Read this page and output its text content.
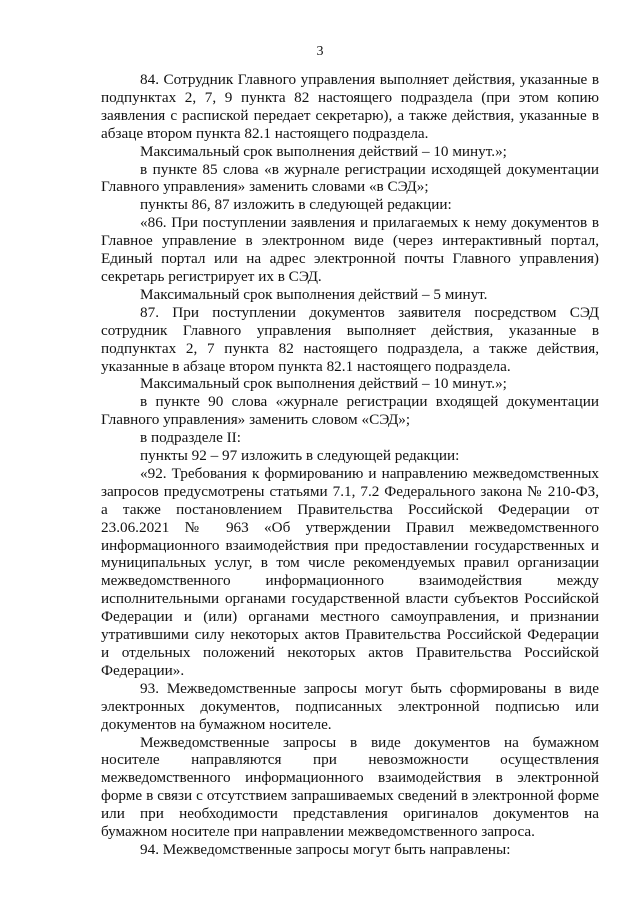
3

84. Сотрудник Главного управления выполняет действия, указанные в подпунктах 2, 7, 9 пункта 82 настоящего подраздела (при этом копию заявления с распиской передает секретарю), а также действия, указанные в абзаце втором пункта 82.1 настоящего подраздела.

Максимальный срок выполнения действий – 10 минут.»;

в пункте 85 слова «в журнале регистрации исходящей документации Главного управления» заменить словами «в СЭД»;

пункты 86, 87 изложить в следующей редакции:

«86. При поступлении заявления и прилагаемых к нему документов в Главное управление в электронном виде (через интерактивный портал, Единый портал или на адрес электронной почты Главного управления) секретарь регистрирует их в СЭД.

Максимальный срок выполнения действий – 5 минут.

87. При поступлении документов заявителя посредством СЭД сотрудник Главного управления выполняет действия, указанные в подпунктах 2, 7 пункта 82 настоящего подраздела, а также действия, указанные в абзаце втором пункта 82.1 настоящего подраздела.

Максимальный срок выполнения действий – 10 минут.»;

в пункте 90 слова «журнале регистрации входящей документации Главного управления» заменить словом «СЭД»;

в подразделе II:

пункты 92 – 97 изложить в следующей редакции:

«92. Требования к формированию и направлению межведомственных запросов предусмотрены статьями 7.1, 7.2 Федерального закона № 210-ФЗ, а также постановлением Правительства Российской Федерации от 23.06.2021 № 963 «Об утверждении Правил межведомственного информационного взаимодействия при предоставлении государственных и муниципальных услуг, в том числе рекомендуемых правил организации межведомственного информационного взаимодействия между исполнительными органами государственной власти субъектов Российской Федерации и (или) органами местного самоуправления, и признании утратившими силу некоторых актов Правительства Российской Федерации и отдельных положений некоторых актов Правительства Российской Федерации».

93. Межведомственные запросы могут быть сформированы в виде электронных документов, подписанных электронной подписью или документов на бумажном носителе.

Межведомственные запросы в виде документов на бумажном носителе направляются при невозможности осуществления межведомственного информационного взаимодействия в электронной форме в связи с отсутствием запрашиваемых сведений в электронной форме или при необходимости представления оригиналов документов на бумажном носителе при направлении межведомственного запроса.

94. Межведомственные запросы могут быть направлены:
